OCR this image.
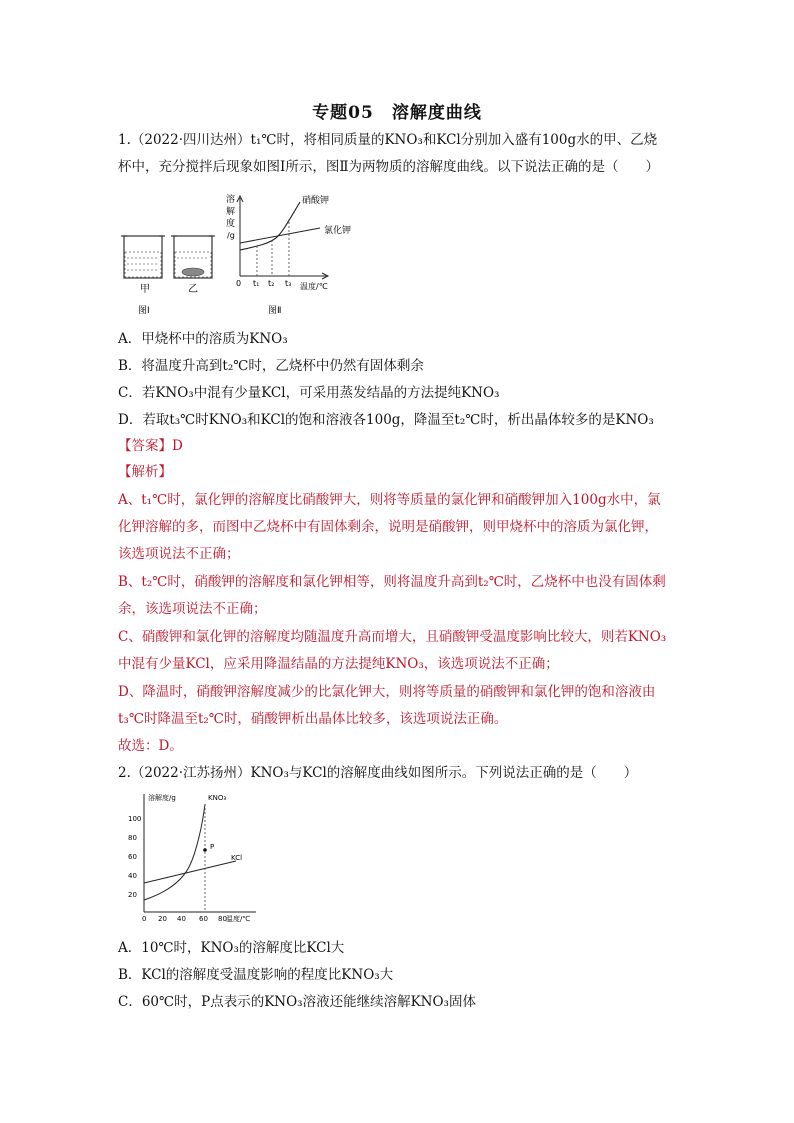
专题05　溶解度曲线
1.（2022·四川达州）t₁℃时，将相同质量的KNO₃和KCl分别加入盛有100g水的甲、乙烧
杯中，充分搅拌后现象如图Ⅰ所示，图Ⅱ为两物质的溶解度曲线。以下说法正确的是（　　）
甲	乙
图Ⅰ	图Ⅱ
溶
解
度
/g
硝酸钾
氯化钾
0 t₁ t₂ t₃ 温度/℃
A．甲烧杯中的溶质为KNO₃
B．将温度升高到t₂℃时，乙烧杯中仍然有固体剩余
C．若KNO₃中混有少量KCl，可采用蒸发结晶的方法提纯KNO₃
D．若取t₃℃时KNO₃和KCl的饱和溶液各100g，降温至t₂℃时，析出晶体较多的是KNO₃
【答案】D
【解析】
A、t₁℃时，氯化钾的溶解度比硝酸钾大，则将等质量的氯化钾和硝酸钾加入100g水中，氯
化钾溶解的多，而图中乙烧杯中有固体剩余，说明是硝酸钾，则甲烧杯中的溶质为氯化钾，
该选项说法不正确；
B、t₂℃时，硝酸钾的溶解度和氯化钾相等，则将温度升高到t₂℃时，乙烧杯中也没有固体剩
余，该选项说法不正确；
C、硝酸钾和氯化钾的溶解度均随温度升高而增大，且硝酸钾受温度影响比较大，则若KNO₃
中混有少量KCl，应采用降温结晶的方法提纯KNO₃，该选项说法不正确；
D、降温时，硝酸钾溶解度减少的比氯化钾大，则将等质量的硝酸钾和氯化钾的饱和溶液由
t₃℃时降温至t₂℃时，硝酸钾析出晶体比较多，该选项说法正确。
故选：D。
2.（2022·江苏扬州）KNO₃与KCl的溶解度曲线如图所示。下列说法正确的是（　　）
溶解度/g
20
40
60
80
100
0 20 40 60 80 温度/℃
KNO₃
KCl
P
A．10℃时，KNO₃的溶解度比KCl大
B．KCl的溶解度受温度影响的程度比KNO₃大
C．60℃时，P点表示的KNO₃溶液还能继续溶解KNO₃固体
